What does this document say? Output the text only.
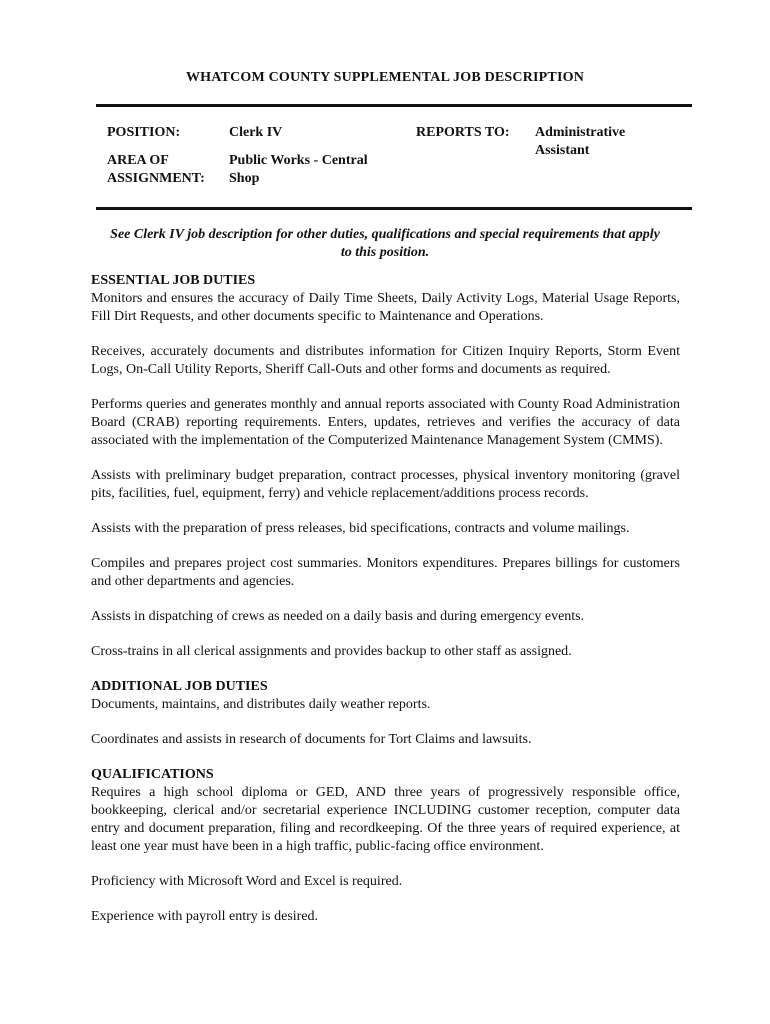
WHATCOM COUNTY SUPPLEMENTAL JOB DESCRIPTION
POSITION:	Clerk IV	REPORTS TO: Administrative Assistant
AREA OF ASSIGNMENT:
Public Works - Central Shop
See Clerk IV job description for other duties, qualifications and special requirements that apply to this position.
ESSENTIAL JOB DUTIES

Monitors and ensures the accuracy of Daily Time Sheets, Daily Activity Logs, Material Usage Reports, Fill Dirt Requests, and other documents specific to Maintenance and Operations.

Receives, accurately documents and distributes information for Citizen Inquiry Reports, Storm Event Logs, On-Call Utility Reports, Sheriff Call-Outs and other forms and documents as required.

Performs queries and generates monthly and annual reports associated with County Road Administration Board (CRAB) reporting requirements. Enters, updates, retrieves and verifies the accuracy of data associated with the implementation of the Computerized Maintenance Management System (CMMS).

Assists with preliminary budget preparation, contract processes, physical inventory monitoring (gravel pits, facilities, fuel, equipment, ferry) and vehicle replacement/additions process records.

Assists with the preparation of press releases, bid specifications, contracts and volume mailings.

Compiles and prepares project cost summaries. Monitors expenditures. Prepares billings for customers and other departments and agencies.

Assists in dispatching of crews as needed on a daily basis and during emergency events.

Cross-trains in all clerical assignments and provides backup to other staff as assigned.

ADDITIONAL JOB DUTIES

Documents, maintains, and distributes daily weather reports.

Coordinates and assists in research of documents for Tort Claims and lawsuits.

QUALIFICATIONS

Requires a high school diploma or GED, AND three years of progressively responsible office, bookkeeping, clerical and/or secretarial experience INCLUDING customer reception, computer data entry and document preparation, filing and recordkeeping. Of the three years of required experience, at least one year must have been in a high traffic, public-facing office environment.

Proficiency with Microsoft Word and Excel is required.

Experience with payroll entry is desired.
